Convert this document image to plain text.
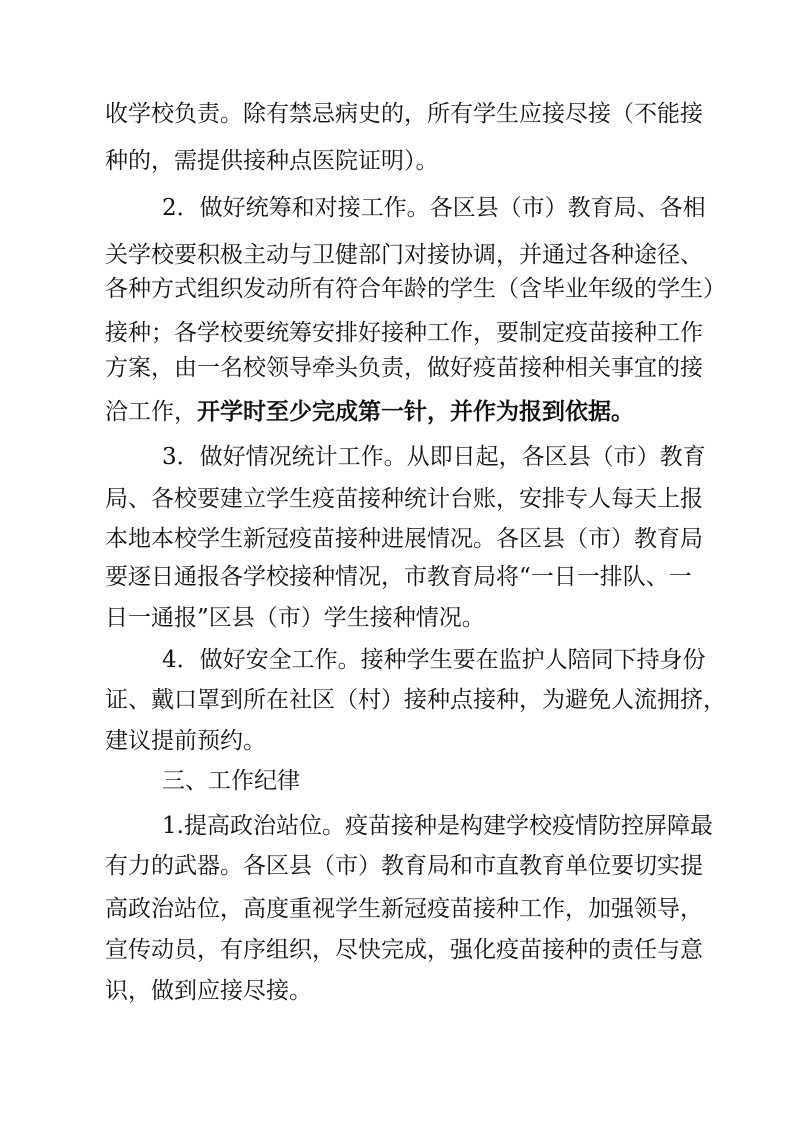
收学校负责。除有禁忌病史的，所有学生应接尽接（不能接
种的，需提供接种点医院证明）。
2．做好统筹和对接工作。各区县（市）教育局、各相
关学校要积极主动与卫健部门对接协调，并通过各种途径、
各种方式组织发动所有符合年龄的学生（含毕业年级的学生）
接种；各学校要统筹安排好接种工作，要制定疫苗接种工作
方案，由一名校领导牵头负责，做好疫苗接种相关事宜的接
洽工作，开学时至少完成第一针，并作为报到依据。
3．做好情况统计工作。从即日起，各区县（市）教育
局、各校要建立学生疫苗接种统计台账，安排专人每天上报
本地本校学生新冠疫苗接种进展情况。各区县（市）教育局
要逐日通报各学校接种情况，市教育局将“一日一排队、一
日一通报”区县（市）学生接种情况。
4．做好安全工作。接种学生要在监护人陪同下持身份
证、戴口罩到所在社区（村）接种点接种，为避免人流拥挤，
建议提前预约。
三、工作纪律
1.提高政治站位。疫苗接种是构建学校疫情防控屏障最
有力的武器。各区县（市）教育局和市直教育单位要切实提
高政治站位，高度重视学生新冠疫苗接种工作，加强领导，
宣传动员，有序组织，尽快完成，强化疫苗接种的责任与意
识，做到应接尽接。
